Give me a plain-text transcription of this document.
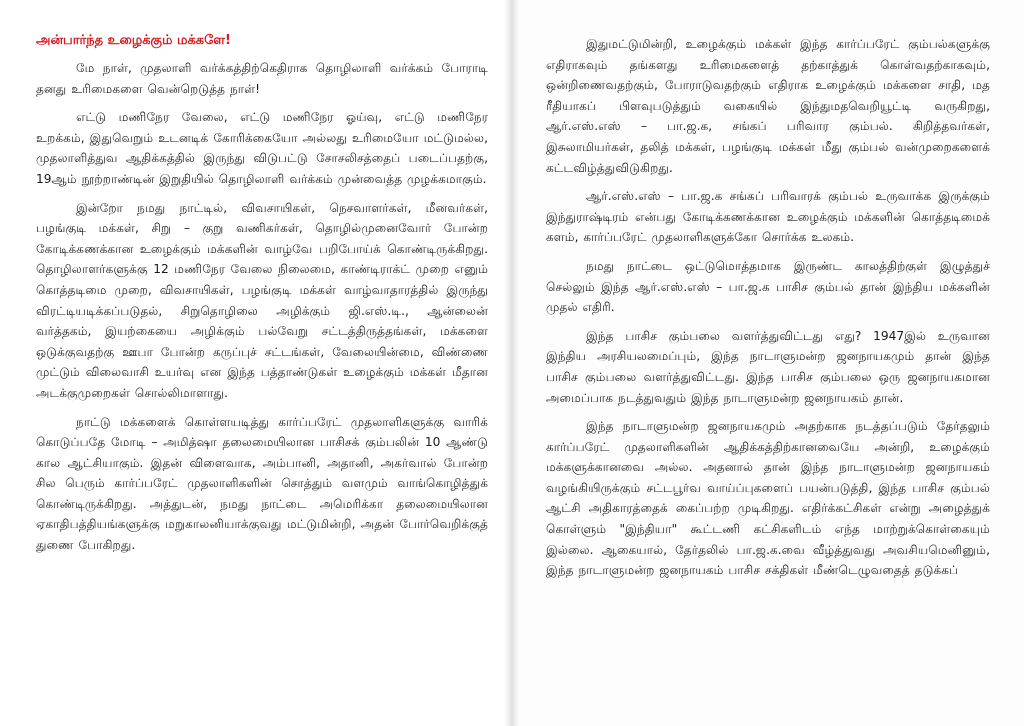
அன்பார்ந்த உழைக்கும் மக்களே!

மே நாள், முதலாளி வர்க்கத்திற்கெதிராக தொழிலாளி வர்க்கம் போராடி தனது உரிமைகளை வென்றெடுத்த நாள்!

எட்டு மணிநேர வேலை, எட்டு மணிநேர ஓய்வு, எட்டு மணிநேர உறக்கம், இதுவெறும் உடனடிக் கோரிக்கையோ அல்லது உரிமையோ மட்டுமல்ல, முதலாளித்துவ ஆதிக்கத்தில் இருந்து விடுபட்டு சோசலிசத்தைப் படைப்பதற்கு, 19ஆம் நூற்றாண்டின் இறுதியில் தொழிலாளி வர்க்கம் முன்வைத்த முழக்கமாகும்.

இன்றோ நமது நாட்டில், விவசாயிகள், நெசவாளர்கள், மீனவர்கள், பழங்குடி மக்கள், சிறு – குறு வணிகர்கள், தொழில்முனைவோர் போன்ற கோடிக்கணக்கான உழைக்கும் மக்களின் வாழ்வே பறிபோய்க் கொண்டிருக்கிறது. தொழிலாளர்களுக்கு 12 மணிநேர வேலை நிலைமை, காண்டிராக்ட் முறை எனும் கொத்தடிமை முறை, விவசாயிகள், பழங்குடி மக்கள் வாழ்வாதாரத்தில் இருந்து விரட்டியடிக்கப்படுதல், சிறுதொழிலை அழிக்கும் ஜி.எஸ்.டி., ஆன்லைன் வர்த்தகம், இயற்கையை அழிக்கும் பல்வேறு சட்டத்திருத்தங்கள், மக்களை ஒடுக்குவதற்கு ஊபா போன்ற கருப்புச் சட்டங்கள், வேலையின்மை, விண்ணை முட்டும் விலைவாசி உயர்வு என இந்த பத்தாண்டுகள் உழைக்கும் மக்கள் மீதான அடக்குமுறைகள் சொல்லிமாளாது.

நாட்டு மக்களைக் கொள்ளயடித்து கார்ப்பரேட் முதலாளிகளுக்கு வாரிக் கொடுப்பதே மோடி – அமித்ஷா தலைமையிலான பாசிசக் கும்பலின் 10 ஆண்டு கால ஆட்சியாகும். இதன் விளைவாக, அம்பானி, அதானி, அகர்வால் போன்ற சில பெரும் கார்ப்பரேட் முதலாளிகளின் சொத்தும் வளமும் வாங்கொழித்துக் கொண்டிருக்கிறது. அத்துடன், நமது நாட்டை அமெரிக்கா தலைமையிலான ஏகாதிபத்தியங்களுக்கு மறுகாலனியாக்குவது மட்டுமின்றி, அதன் போர்வெறிக்குத் துணை போகிறது.

இதுமட்டுமின்றி, உழைக்கும் மக்கள் இந்த கார்ப்பரேட் கும்பல்களுக்கு எதிராகவும் தங்களது உரிமைகளைத் தற்காத்துக் கொள்வதற்காகவும், ஒன்றிணைவதற்கும், போராடுவதற்கும் எதிராக உழைக்கும் மக்களை சாதி, மத ரீதியாகப் பிளவுபடுத்தும் வகையில் இந்துமதவெறியூட்டி வருகிறது, ஆர்.எஸ்.எஸ் – பா.ஜ.க, சங்கப் பரிவார கும்பல். கிறித்தவர்கள், இசுலாமியர்கள், தலித் மக்கள், பழங்குடி மக்கள் மீது கும்பல் வன்முறைகளைக் கட்டவிழ்த்துவிடுகிறது.

ஆர்.எஸ்.எஸ் – பா.ஜ.க சங்கப் பரிவாரக் கும்பல் உருவாக்க இருக்கும் இந்துராஷ்டிரம் என்பது கோடிக்கணக்கான உழைக்கும் மக்களின் கொத்தடிமைக் களம், கார்ப்பரேட் முதலாளிகளுக்கோ சொர்க்க உலகம்.

நமது நாட்டை ஒட்டுமொத்தமாக இருண்ட காலத்திற்குள் இழுத்துச் செல்லும் இந்த ஆர்.எஸ்.எஸ் – பா.ஜ.க பாசிச கும்பல் தான் இந்திய மக்களின் முதல் எதிரி.

இந்த பாசிச கும்பலை வளர்த்துவிட்டது எது? 1947இல் உருவான இந்திய அரசியலமைப்பும், இந்த நாடாளுமன்ற ஜனநாயகமும் தான் இந்த பாசிச கும்பலை வளர்த்துவிட்டது. இந்த பாசிச கும்பலை ஒரு ஜனநாயகமான அமைப்பாக நடத்துவதும் இந்த நாடாளுமன்ற ஜனநாயகம் தான்.

இந்த நாடாளுமன்ற ஜனநாயகமும் அதற்காக நடத்தப்படும் தேர்தலும் கார்ப்பரேட் முதலாளிகளின் ஆதிக்கத்திற்கானவையே அன்றி, உழைக்கும் மக்களுக்கானவை அல்ல. அதனால் தான் இந்த நாடாளுமன்ற ஜனநாயகம் வழங்கியிருக்கும் சட்டபூர்வ வாய்ப்புகளைப் பயன்படுத்தி, இந்த பாசிச கும்பல் ஆட்சி அதிகாரத்தைக் கைப்பற்ற முடிகிறது. எதிர்க்கட்சிகள் என்று அழைத்துக் கொள்ளும் "இந்தியா" கூட்டணி கட்சிகளிடம் எந்த மாற்றுக்கொள்கையும் இல்லை. ஆகையால், தேர்தலில் பா.ஜ.க.வை வீழ்த்துவது அவசியமெனினும், இந்த நாடாளுமன்ற ஜனநாயகம் பாசிச சக்திகள் மீண்டெழுவதைத் தடுக்கப்
